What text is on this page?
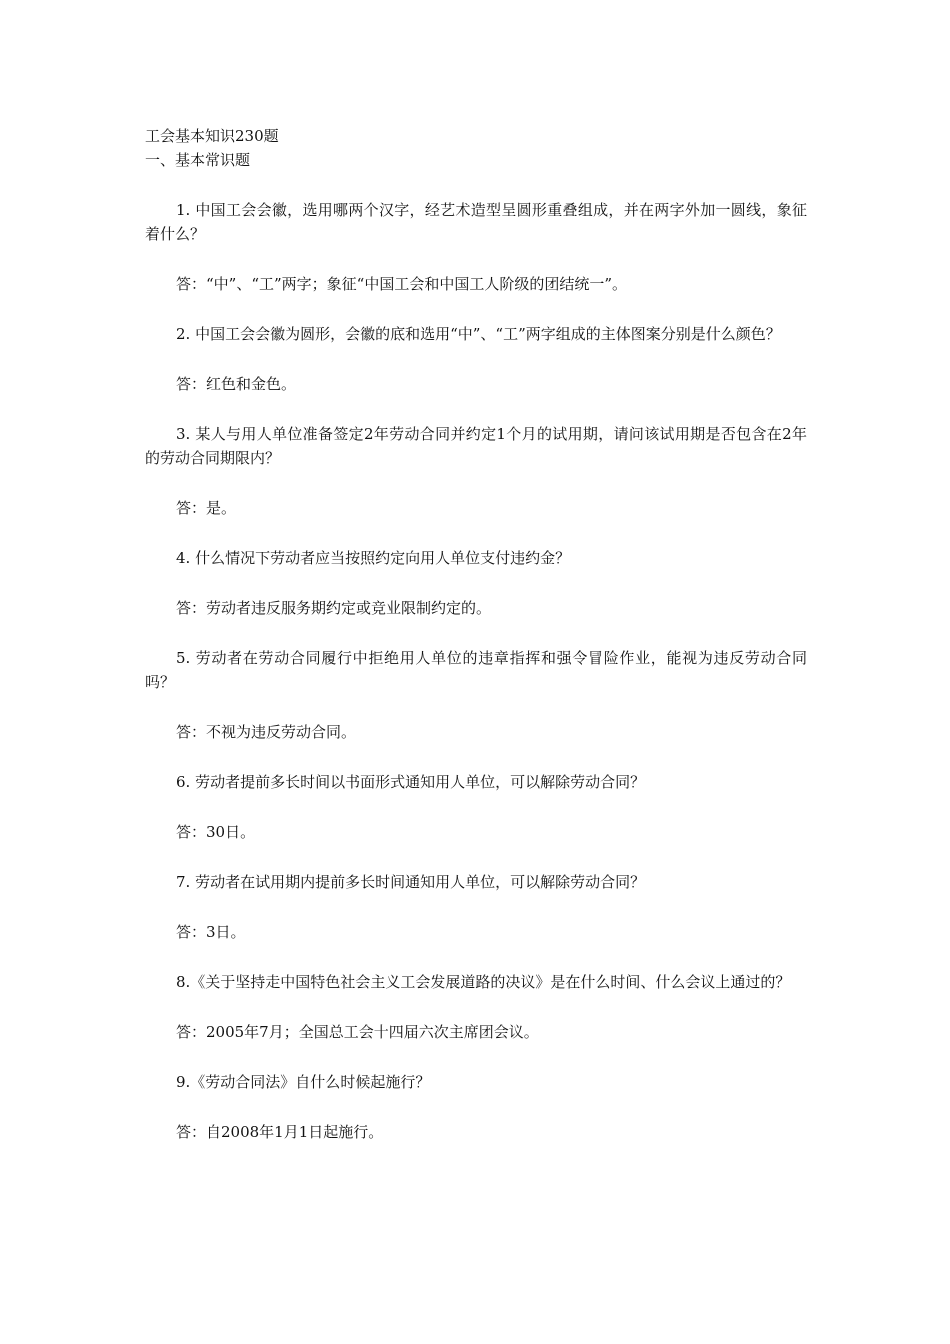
工会基本知识230题

一、基本常识题

1. 中国工会会徽，选用哪两个汉字，经艺术造型呈圆形重叠组成，并在两字外加一圆线，象征着什么？

答：“中”、“工”两字；象征“中国工会和中国工人阶级的团结统一”。

2. 中国工会会徽为圆形，会徽的底和选用“中”、“工”两字组成的主体图案分别是什么颜色？

答：红色和金色。

3. 某人与用人单位准备签定2年劳动合同并约定1个月的试用期，请问该试用期是否包含在2年的劳动合同期限内？

答：是。

4. 什么情况下劳动者应当按照约定向用人单位支付违约金？

答：劳动者违反服务期约定或竞业限制约定的。

5. 劳动者在劳动合同履行中拒绝用人单位的违章指挥和强令冒险作业，能视为违反劳动合同吗？

答：不视为违反劳动合同。

6. 劳动者提前多长时间以书面形式通知用人单位，可以解除劳动合同？

答：30日。

7. 劳动者在试用期内提前多长时间通知用人单位，可以解除劳动合同？

答：3日。

8.《关于坚持走中国特色社会主义工会发展道路的决议》是在什么时间、什么会议上通过的？

答：2005年7月；全国总工会十四届六次主席团会议。

9.《劳动合同法》自什么时候起施行？

答：自2008年1月1日起施行。
